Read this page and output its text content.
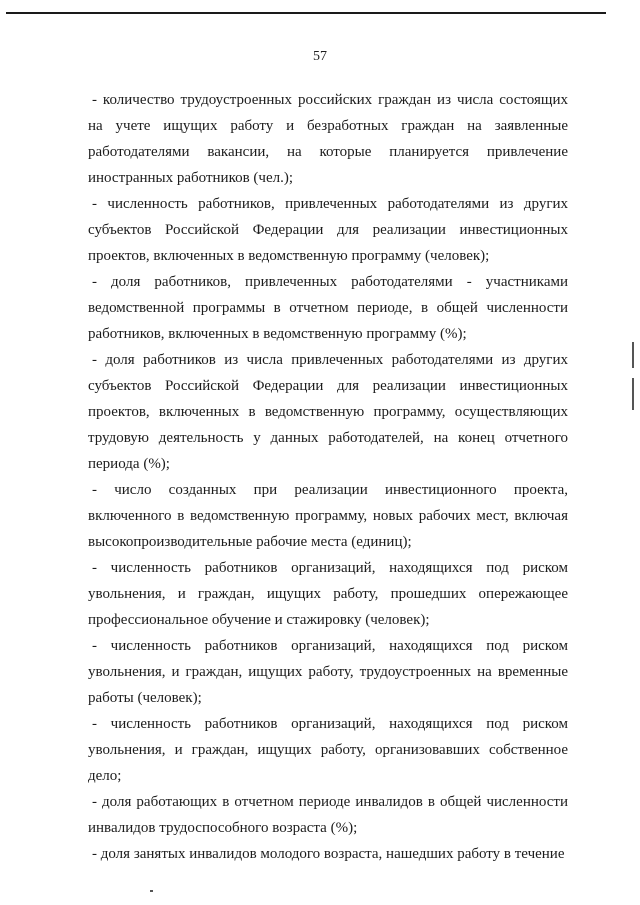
57

- количество трудоустроенных российских граждан из числа состоящих на учете ищущих работу и безработных граждан на заявленные работодателями вакансии, на которые планируется привлечение иностранных работников (чел.);

- численность работников, привлеченных работодателями из других субъектов Российской Федерации для реализации инвестиционных проектов, включенных в ведомственную программу (человек);

- доля работников, привлеченных работодателями - участниками ведомственной программы в отчетном периоде, в общей численности работников, включенных в ведомственную программу (%);

- доля работников из числа привлеченных работодателями из других субъектов Российской Федерации для реализации инвестиционных проектов, включенных в ведомственную программу, осуществляющих трудовую деятельность у данных работодателей, на конец отчетного периода (%);

- число созданных при реализации инвестиционного проекта, включенного в ведомственную программу, новых рабочих мест, включая высокопроизводительные рабочие места (единиц);

- численность работников организаций, находящихся под риском увольнения, и граждан, ищущих работу, прошедших опережающее профессиональное обучение и стажировку (человек);

- численность работников организаций, находящихся под риском увольнения, и граждан, ищущих работу, трудоустроенных на временные работы (человек);

- численность работников организаций, находящихся под риском увольнения, и граждан, ищущих работу, организовавших собственное дело;

- доля работающих в отчетном периоде инвалидов в общей численности инвалидов трудоспособного возраста (%);

- доля занятых инвалидов молодого возраста, нашедших работу в течение
